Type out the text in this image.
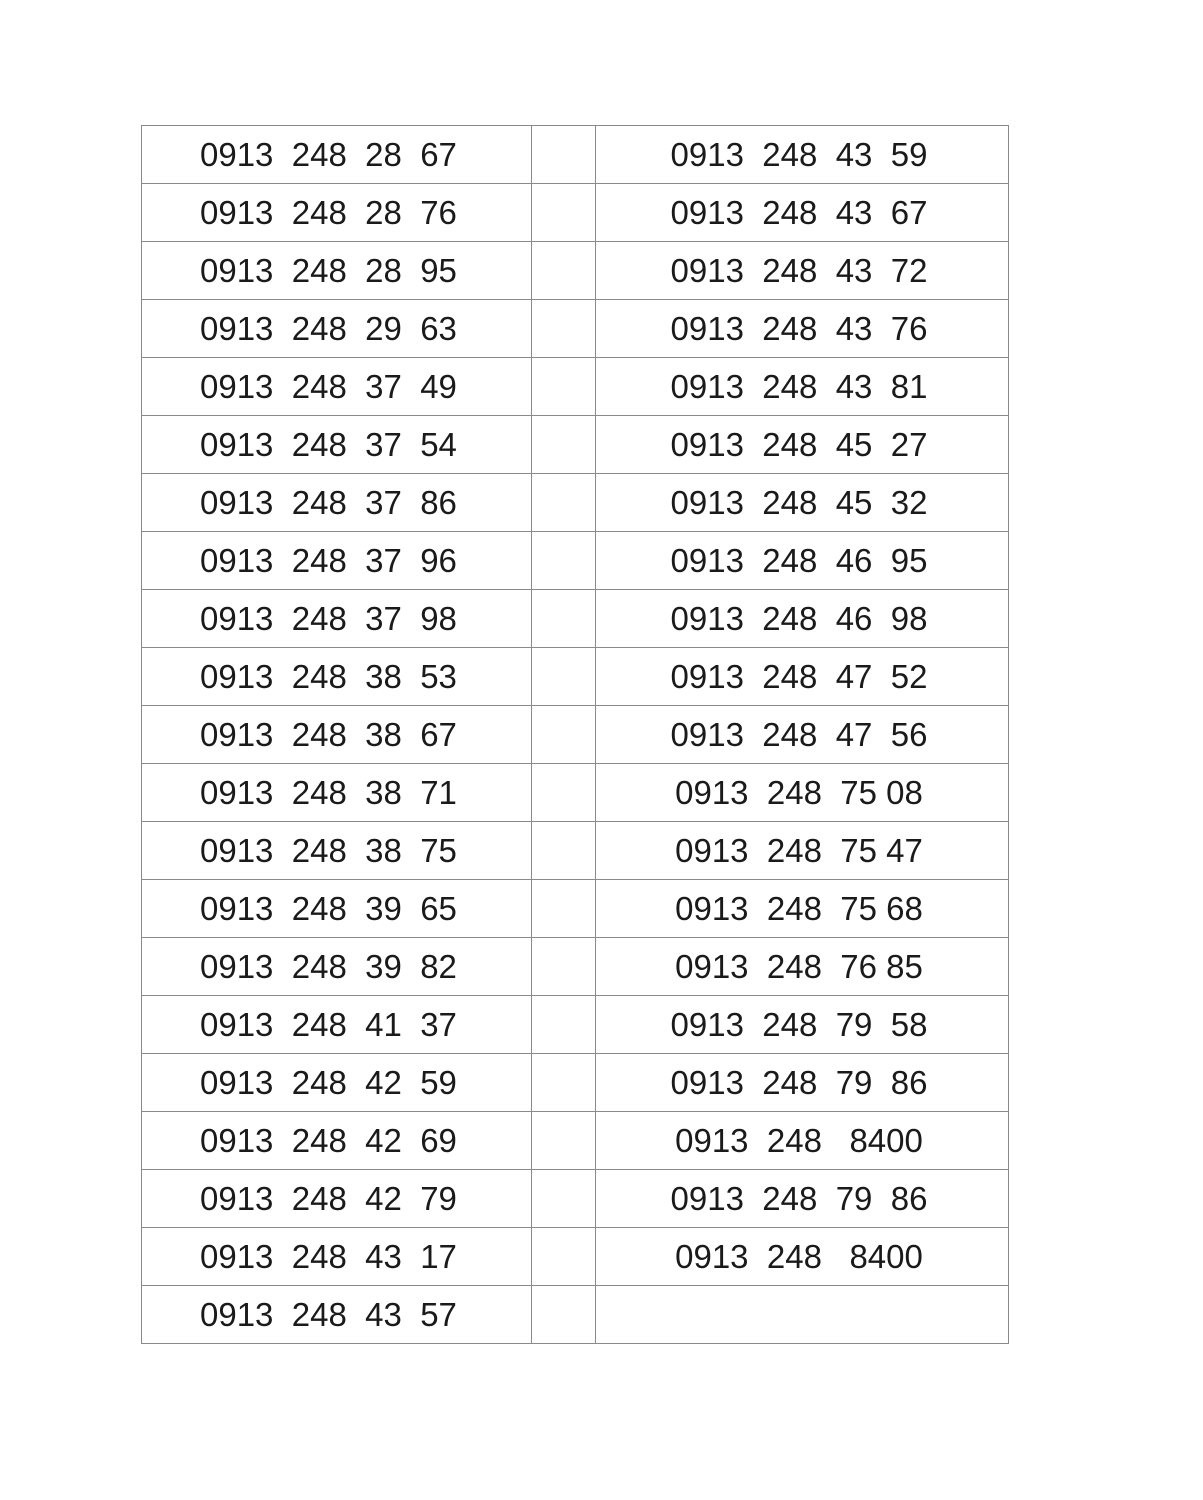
0913  248  28  67		0913  248  43  59
0913  248  28  76		0913  248  43  67
0913  248  28  95		0913  248  43  72
0913  248  29  63		0913  248  43  76
0913  248  37  49		0913  248  43  81
0913  248  37  54		0913  248  45  27
0913  248  37  86		0913  248  45  32
0913  248  37  96		0913  248  46  95
0913  248  37  98		0913  248  46  98
0913  248  38  53		0913  248  47  52
0913  248  38  67		0913  248  47  56
0913  248  38  71		0913  248  75 08
0913  248  38  75		0913  248  75 47
0913  248  39  65		0913  248  75 68
0913  248  39  82		0913  248  76 85
0913  248  41  37		0913  248  79  58
0913  248  42  59		0913  248  79  86
0913  248  42  69		0913  248   8400
0913  248  42  79		0913  248  79  86
0913  248  43  17		0913  248   8400
0913  248  43  57		
